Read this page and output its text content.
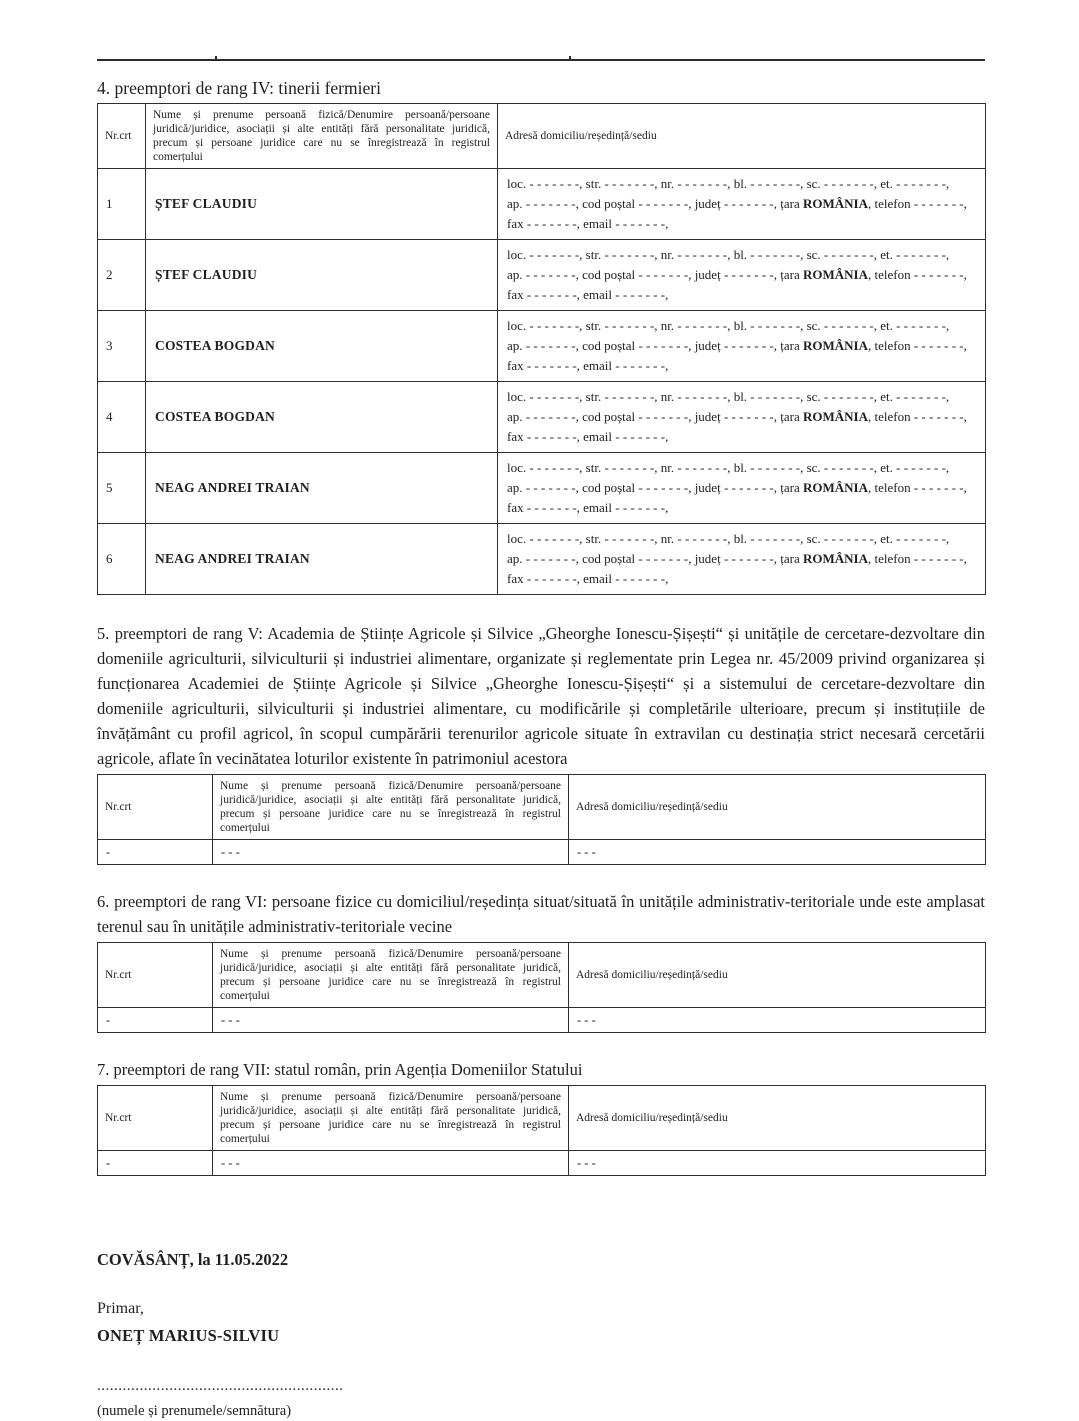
4. preemptori de rang IV: tinerii fermieri

Nr.crt	Nume și prenume persoană fizică/Denumire persoană/persoane juridică/juridice, asociații și alte entități fără personalitate juridică, precum și persoane juridice care nu se înregistrează în registrul comerțului	Adresă domiciliu/reședință/sediu
1	ȘTEF CLAUDIU	loc. - - - - - - -, str. - - - - - - -, nr. - - - - - - -, bl. - - - - - - -, sc. - - - - - - -, et. - - - - - - -,
ap. - - - - - - -, cod poștal - - - - - - -, județ - - - - - - -, țara ROMÂNIA, telefon - - - - - - -,
fax - - - - - - -, email - - - - - - -,

2	ȘTEF CLAUDIU	loc. - - - - - - -, str. - - - - - - -, nr. - - - - - - -, bl. - - - - - - -, sc. - - - - - - -, et. - - - - - - -,
ap. - - - - - - -, cod poștal - - - - - - -, județ - - - - - - -, țara ROMÂNIA, telefon - - - - - - -,
fax - - - - - - -, email - - - - - - -,

3	COSTEA BOGDAN	loc. - - - - - - -, str. - - - - - - -, nr. - - - - - - -, bl. - - - - - - -, sc. - - - - - - -, et. - - - - - - -,
ap. - - - - - - -, cod poștal - - - - - - -, județ - - - - - - -, țara ROMÂNIA, telefon - - - - - - -,
fax - - - - - - -, email - - - - - - -,

4	COSTEA BOGDAN	loc. - - - - - - -, str. - - - - - - -, nr. - - - - - - -, bl. - - - - - - -, sc. - - - - - - -, et. - - - - - - -,
ap. - - - - - - -, cod poștal - - - - - - -, județ - - - - - - -, țara ROMÂNIA, telefon - - - - - - -,
fax - - - - - - -, email - - - - - - -,

5	NEAG ANDREI TRAIAN	loc. - - - - - - -, str. - - - - - - -, nr. - - - - - - -, bl. - - - - - - -, sc. - - - - - - -, et. - - - - - - -,
ap. - - - - - - -, cod poștal - - - - - - -, județ - - - - - - -, țara ROMÂNIA, telefon - - - - - - -,
fax - - - - - - -, email - - - - - - -,

6	NEAG ANDREI TRAIAN	loc. - - - - - - -, str. - - - - - - -, nr. - - - - - - -, bl. - - - - - - -, sc. - - - - - - -, et. - - - - - - -,
ap. - - - - - - -, cod poștal - - - - - - -, județ - - - - - - -, țara ROMÂNIA, telefon - - - - - - -,
fax - - - - - - -, email - - - - - - -,

5. preemptori de rang V: Academia de Științe Agricole și Silvice „Gheorghe Ionescu-Șișești“ și unitățile de cercetare-dezvoltare din domeniile agriculturii, silviculturii și industriei alimentare, organizate și reglementate prin Legea nr. 45/2009 privind organizarea și funcționarea Academiei de Științe Agricole și Silvice „Gheorghe Ionescu-Șișești“ și a sistemului de cercetare-dezvoltare din domeniile agriculturii, silviculturii și industriei alimentare, cu modificările și completările ulterioare, precum și instituțiile de învățământ cu profil agricol, în scopul cumpărării terenurilor agricole situate în extravilan cu destinația strict necesară cercetării agricole, aflate în vecinătatea loturilor existente în patrimoniul acestora

Nr.crt	Nume și prenume persoană fizică/Denumire persoană/persoane juridică/juridice, asociații și alte entități fără personalitate juridică, precum și persoane juridice care nu se înregistrează în registrul comerțului	Adresă domiciliu/reședință/sediu
-	- - -	- - -

6. preemptori de rang VI: persoane fizice cu domiciliul/reședința situat/situată în unitățile administrativ-teritoriale unde este amplasat terenul sau în unitățile administrativ-teritoriale vecine

Nr.crt	Nume și prenume persoană fizică/Denumire persoană/persoane juridică/juridice, asociații și alte entități fără personalitate juridică, precum și persoane juridice care nu se înregistrează în registrul comerțului	Adresă domiciliu/reședință/sediu
-	- - -	- - -

7. preemptori de rang VII: statul român, prin Agenția Domeniilor Statului

Nr.crt	Nume și prenume persoană fizică/Denumire persoană/persoane juridică/juridice, asociații și alte entități fără personalitate juridică, precum și persoane juridice care nu se înregistrează în registrul comerțului	Adresă domiciliu/reședință/sediu
-	- - -	- - -

COVĂSÂNȚ, la 11.05.2022

Primar,

ONEȚ MARIUS-SILVIU

..........................................................

(numele și prenumele/semnătura)
